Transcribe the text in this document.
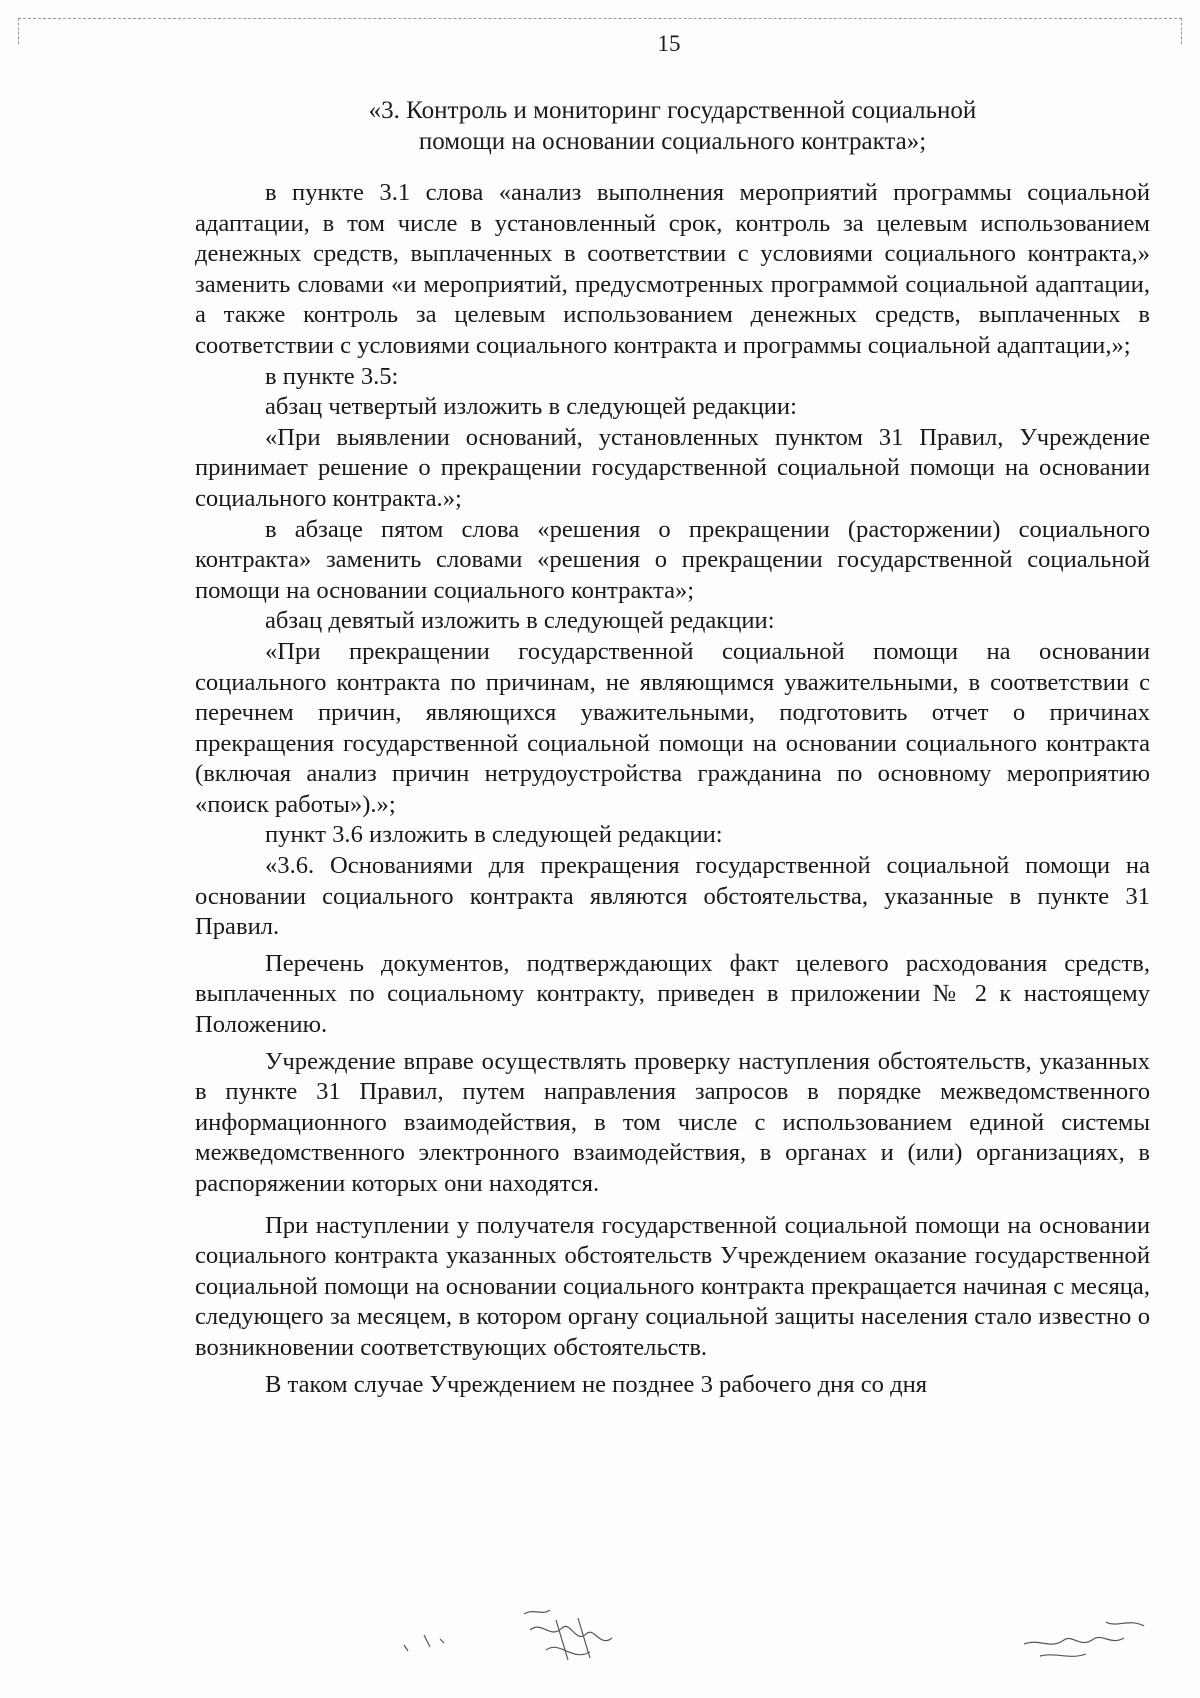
15
«3. Контроль и мониторинг государственной социальной
помощи на основании социального контракта»;

в пункте 3.1 слова «анализ выполнения мероприятий программы социальной адаптации, в том числе в установленный срок, контроль за целевым использованием денежных средств, выплаченных в соответствии с условиями социального контракта,» заменить словами «и мероприятий, предусмотренных программой социальной адаптации, а также контроль за целевым использованием денежных средств, выплаченных в соответствии с условиями социального контракта и программы социальной адаптации,»;

в пункте 3.5:

абзац четвертый изложить в следующей редакции:

«При выявлении оснований, установленных пунктом 31 Правил, Учреждение принимает решение о прекращении государственной социальной помощи на основании социального контракта.»;

в абзаце пятом слова «решения о прекращении (расторжении) социального контракта» заменить словами «решения о прекращении государственной социальной помощи на основании социального контракта»;

абзац девятый изложить в следующей редакции:

«При прекращении государственной социальной помощи на основании социального контракта по причинам, не являющимся уважительными, в соответствии с перечнем причин, являющихся уважительными, подготовить отчет о причинах прекращения государственной социальной помощи на основании социального контракта (включая анализ причин нетрудоустройства гражданина по основному мероприятию «поиск работы»).»;

пункт 3.6 изложить в следующей редакции:

«3.6. Основаниями для прекращения государственной социальной помощи на основании социального контракта являются обстоятельства, указанные в пункте 31 Правил.

Перечень документов, подтверждающих факт целевого расходования средств, выплаченных по социальному контракту, приведен в приложении № 2 к настоящему Положению.

Учреждение вправе осуществлять проверку наступления обстоятельств, указанных в пункте 31 Правил, путем направления запросов в порядке межведомственного информационного взаимодействия, в том числе с использованием единой системы межведомственного электронного взаимодействия, в органах и (или) организациях, в распоряжении которых они находятся.

При наступлении у получателя государственной социальной помощи на основании социального контракта указанных обстоятельств Учреждением оказание государственной социальной помощи на основании социального контракта прекращается начиная с месяца, следующего за месяцем, в котором органу социальной защиты населения стало известно о возникновении соответствующих обстоятельств.

В таком случае Учреждением не позднее 3 рабочего дня со дня
